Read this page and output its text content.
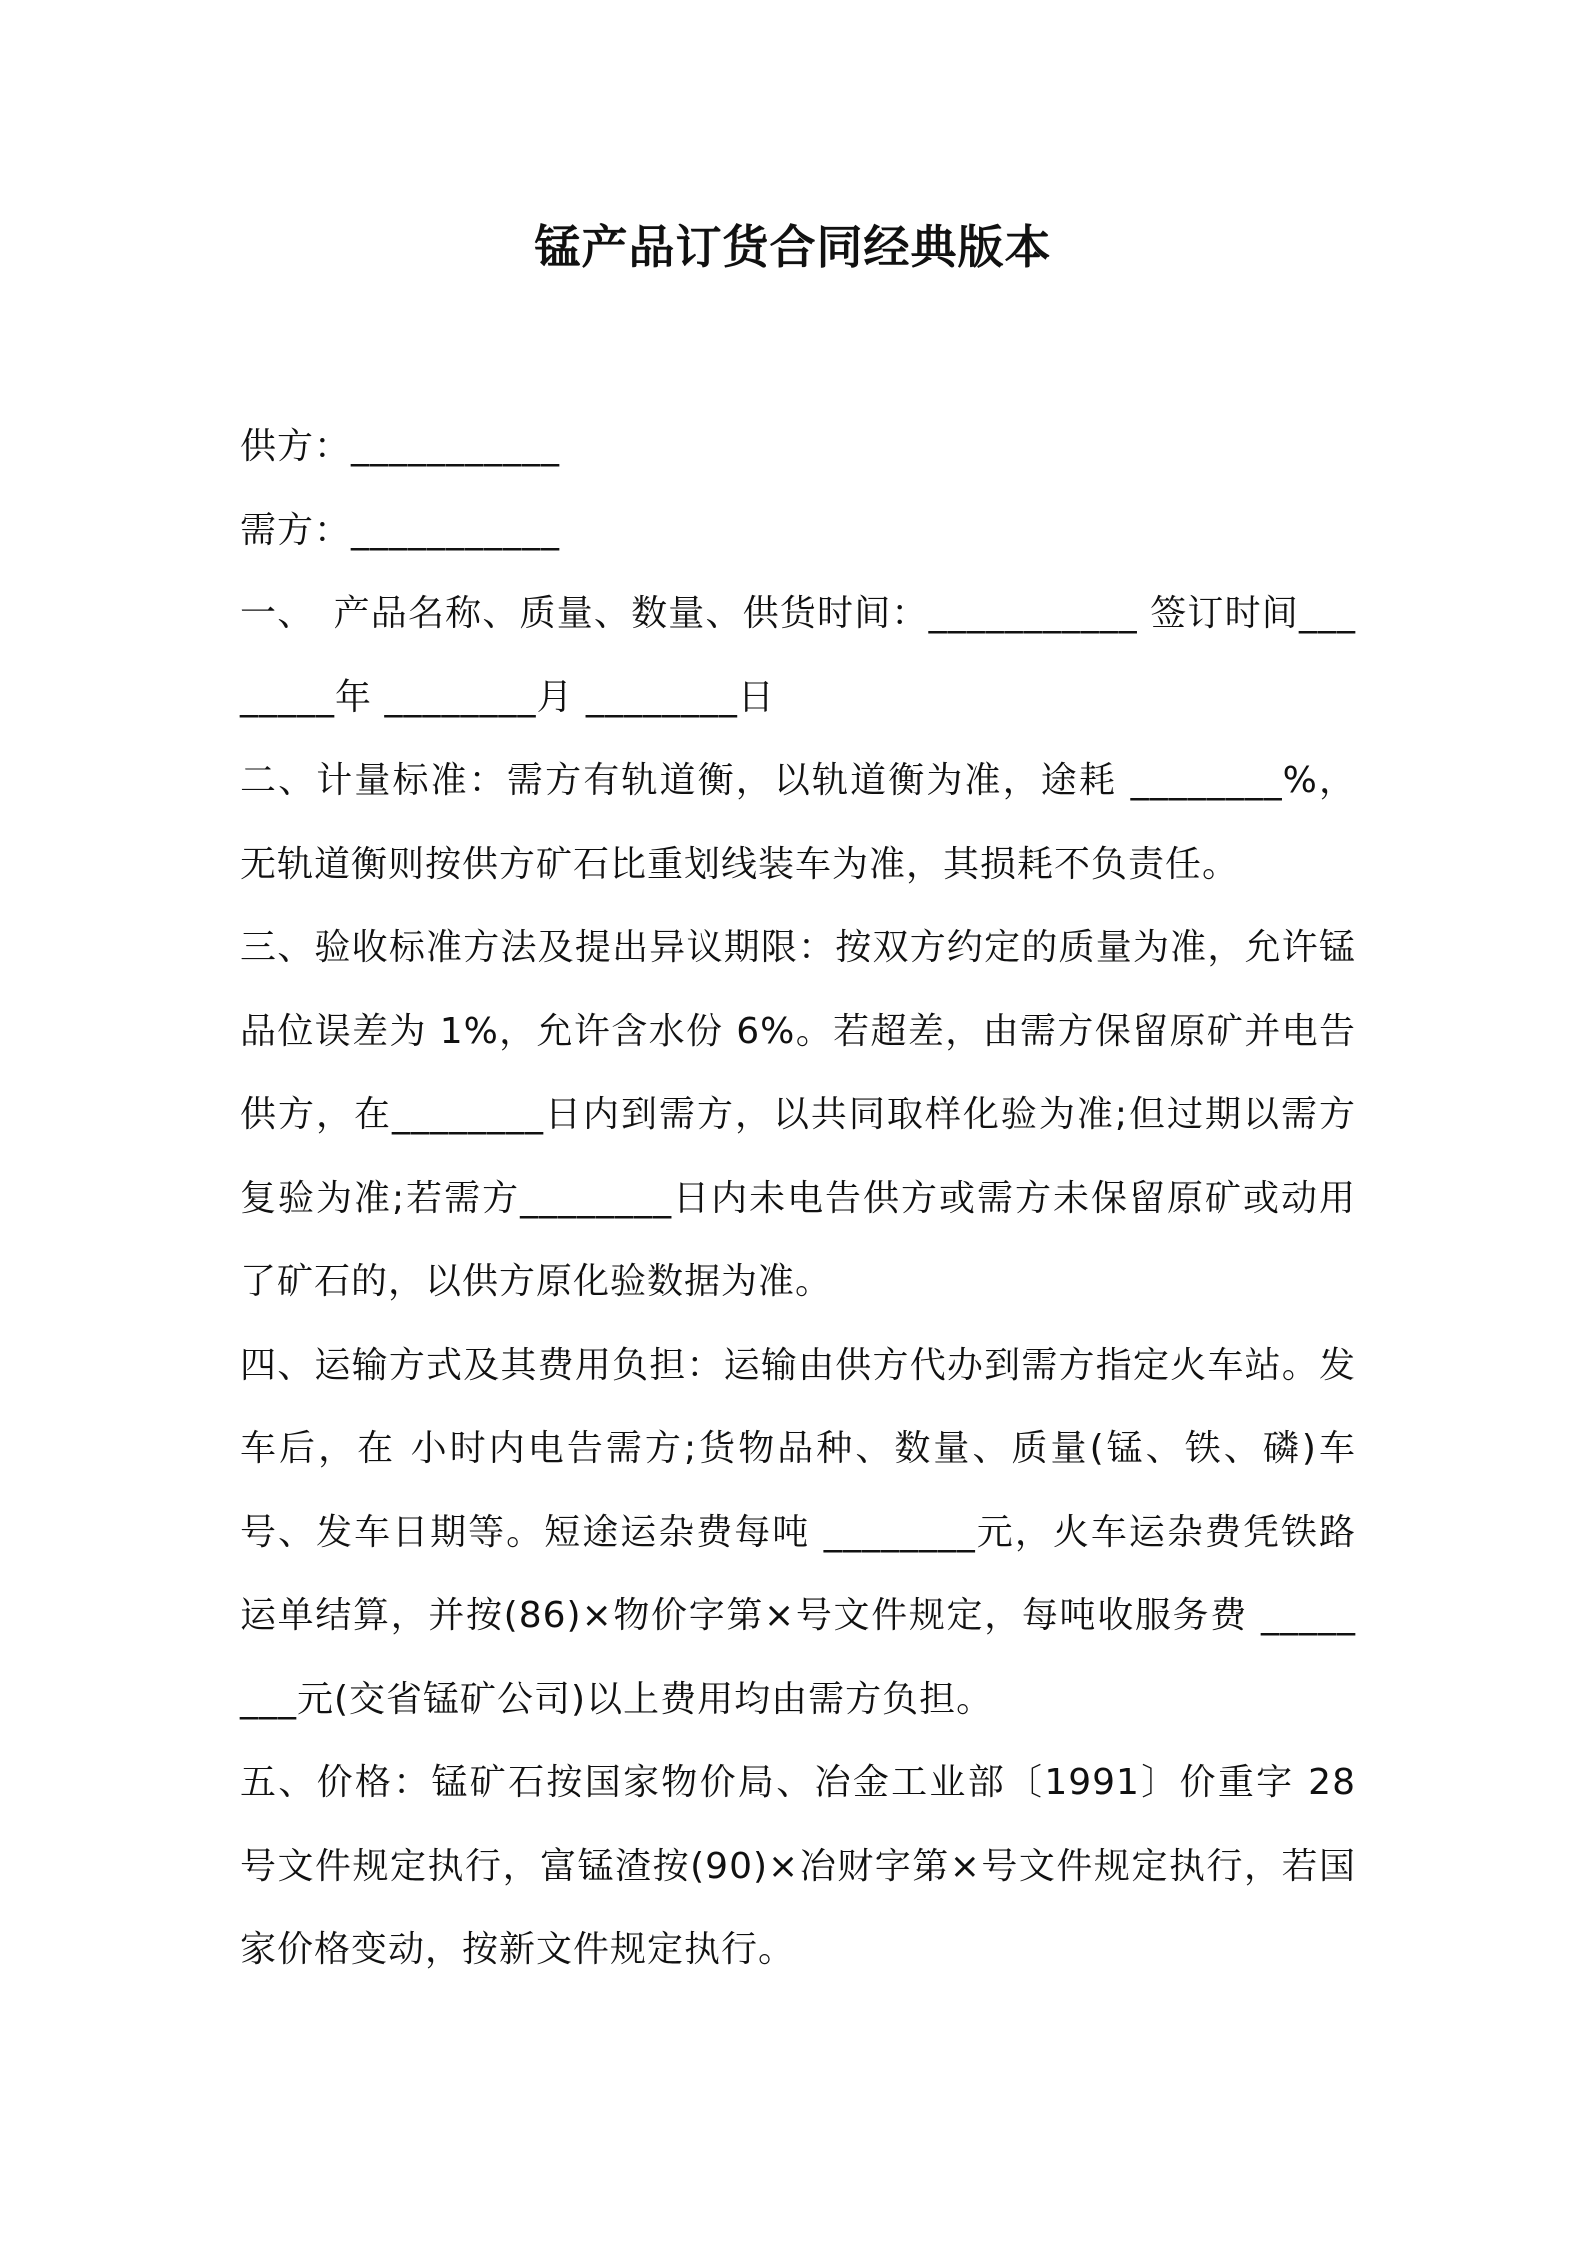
锰产品订货合同经典版本

供方：___________

需方：___________

一、　产品名称、质量、数量、供货时间：___________ 签订时间________年 ________月 ________日

二、计量标准：需方有轨道衡，以轨道衡为准，途耗 ________%，无轨道衡则按供方矿石比重划线装车为准，其损耗不负责任。

三、验收标准方法及提出异议期限：按双方约定的质量为准，允许锰品位误差为 1%，允许含水份 6%。若超差，由需方保留原矿并电告供方，在________日内到需方，以共同取样化验为准;但过期以需方复验为准;若需方________日内未电告供方或需方未保留原矿或动用了矿石的，以供方原化验数据为准。

四、运输方式及其费用负担：运输由供方代办到需方指定火车站。发车后，在 小时内电告需方;货物品种、数量、质量(锰、铁、磷)车号、发车日期等。短途运杂费每吨 ________元，火车运杂费凭铁路运单结算，并按(86)×物价字第×号文件规定，每吨收服务费 ________元(交省锰矿公司)以上费用均由需方负担。

五、价格：锰矿石按国家物价局、冶金工业部〔1991〕价重字 28 号文件规定执行，富锰渣按(90)×冶财字第×号文件规定执行，若国家价格变动，按新文件规定执行。
